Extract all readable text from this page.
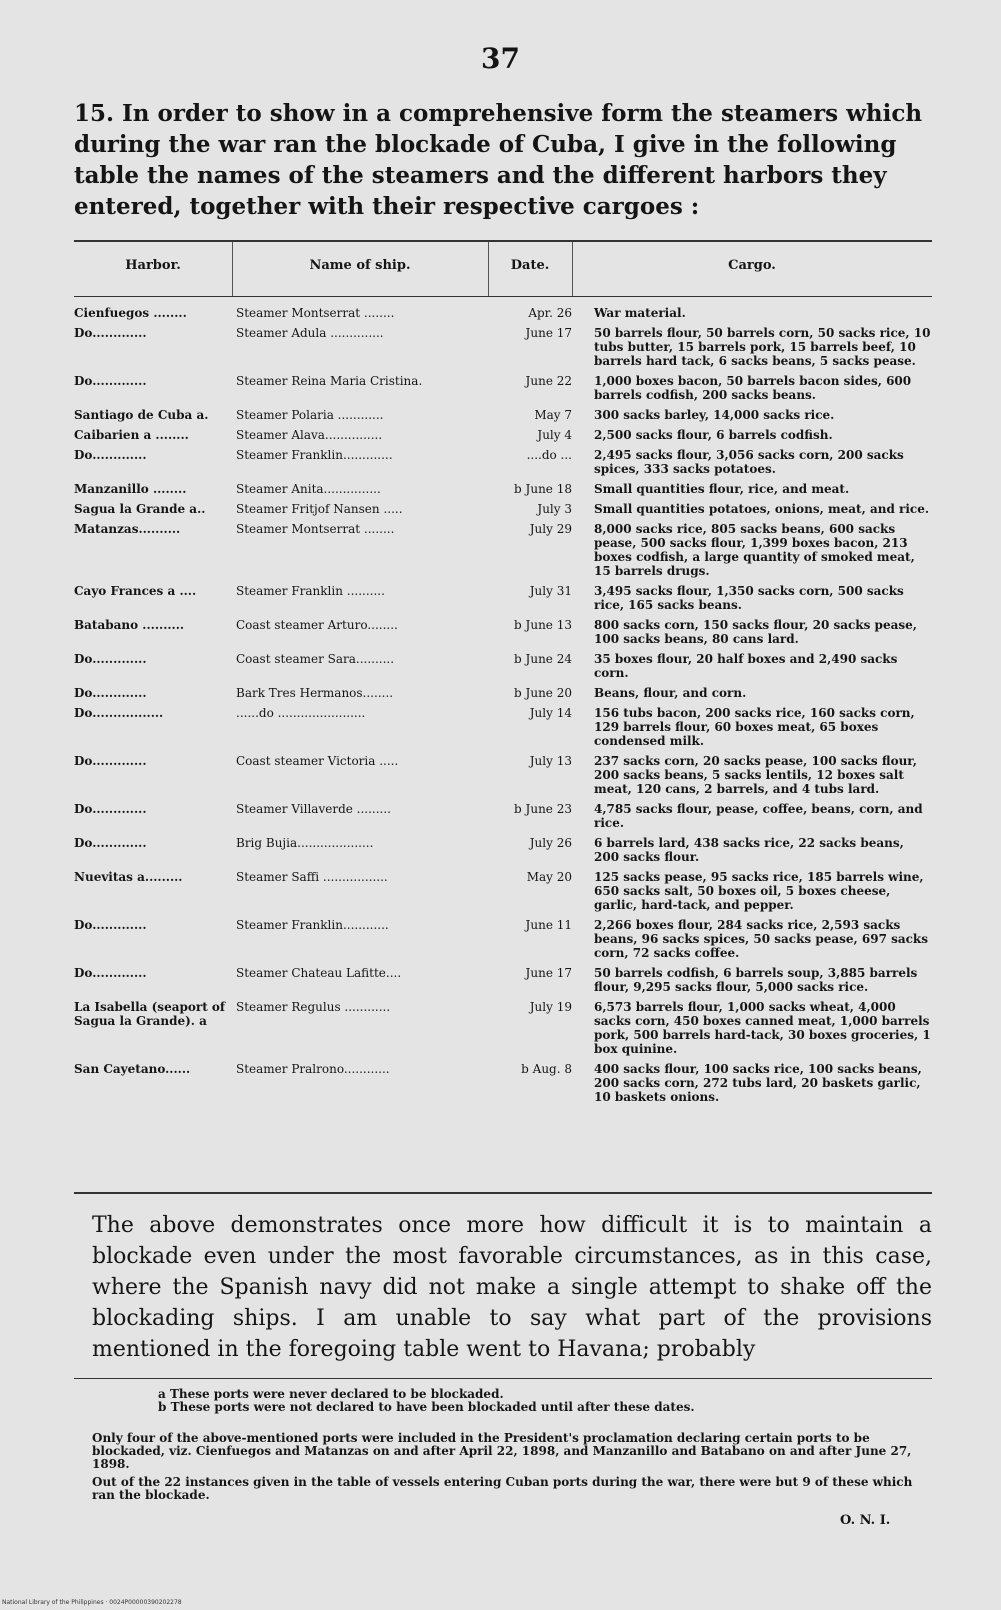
37
15. In order to show in a comprehensive form the steamers which during the war ran the blockade of Cuba, I give in the following table the names of the steamers and the different harbors they entered, together with their respective cargoes :
Harbor.	Name of ship.	Date.	Cargo.
Cienfuegos ........	Steamer Montserrat ........	Apr. 26	War material.
Do.............	Steamer Adula ..............	June 17	50 barrels flour, 50 barrels corn, 50 sacks rice, 10 tubs butter, 15 barrels pork, 15 barrels beef, 10 barrels hard tack, 6 sacks beans, 5 sacks pease.
Do.............	Steamer Reina Maria Cristina.	June 22	1,000 boxes bacon, 50 barrels bacon sides, 600 barrels codfish, 200 sacks beans.
Santiago de Cuba a.	Steamer Polaria ............	May 7	300 sacks barley, 14,000 sacks rice.
Caibarien a ........	Steamer Alava...............	July 4	2,500 sacks flour, 6 barrels codfish.
Do.............	Steamer Franklin.............	....do ...	2,495 sacks flour, 3,056 sacks corn, 200 sacks spices, 333 sacks potatoes.
Manzanillo ........	Steamer Anita...............	b June 18	Small quantities flour, rice, and meat.
Sagua la Grande a..	Steamer Fritjof Nansen .....	July 3	Small quantities potatoes, onions, meat, and rice.
Matanzas..........	Steamer Montserrat ........	July 29	8,000 sacks rice, 805 sacks beans, 600 sacks pease, 500 sacks flour, 1,399 boxes bacon, 213 boxes codfish, a large quantity of smoked meat, 15 barrels drugs.
Cayo Frances a ....	Steamer Franklin ..........	July 31	3,495 sacks flour, 1,350 sacks corn, 500 sacks rice, 165 sacks beans.
Batabano ..........	Coast steamer Arturo........	b June 13	800 sacks corn, 150 sacks flour, 20 sacks pease, 100 sacks beans, 80 cans lard.
Do.............	Coast steamer Sara..........	b June 24	35 boxes flour, 20 half boxes and 2,490 sacks corn.
Do.............	Bark Tres Hermanos........	b June 20	Beans, flour, and corn.
Do.................	......do .......................	July 14	156 tubs bacon, 200 sacks rice, 160 sacks corn, 129 barrels flour, 60 boxes meat, 65 boxes condensed milk.
Do.............	Coast steamer Victoria .....	July 13	237 sacks corn, 20 sacks pease, 100 sacks flour, 200 sacks beans, 5 sacks lentils, 12 boxes salt meat, 120 cans, 2 barrels, and 4 tubs lard.
Do.............	Steamer Villaverde .........	b June 23	4,785 sacks flour, pease, coffee, beans, corn, and rice.
Do.............	Brig Bujia....................	July 26	6 barrels lard, 438 sacks rice, 22 sacks beans, 200 sacks flour.
Nuevitas a.........	Steamer Saffi .................	May 20	125 sacks pease, 95 sacks rice, 185 barrels wine, 650 sacks salt, 50 boxes oil, 5 boxes cheese, garlic, hard-tack, and pepper.
Do.............	Steamer Franklin............	June 11	2,266 boxes flour, 284 sacks rice, 2,593 sacks beans, 96 sacks spices, 50 sacks pease, 697 sacks corn, 72 sacks coffee.
Do.............	Steamer Chateau Lafitte....	June 17	50 barrels codfish, 6 barrels soup, 3,885 barrels flour, 9,295 sacks flour, 5,000 sacks rice.
La Isabella (seaport of Sagua la Grande). a	Steamer Regulus ............	July 19	6,573 barrels flour, 1,000 sacks wheat, 4,000 sacks corn, 450 boxes canned meat, 1,000 barrels pork, 500 barrels hard-tack, 30 boxes groceries, 1 box quinine.
San Cayetano......	Steamer Pralrono............	b Aug. 8	400 sacks flour, 100 sacks rice, 100 sacks beans, 200 sacks corn, 272 tubs lard, 20 baskets garlic, 10 baskets onions.
The above demonstrates once more how difficult it is to maintain a blockade even under the most favorable circumstances, as in this case, where the Spanish navy did not make a single attempt to shake off the blockading ships. I am unable to say what part of the provisions mentioned in the foregoing table went to Havana; probably
a These ports were never declared to be blockaded.
b These ports were not declared to have been blockaded until after these dates.
Only four of the above-mentioned ports were included in the President's proclamation declaring certain ports to be blockaded, viz. Cienfuegos and Matanzas on and after April 22, 1898, and Manzanillo and Batabano on and after June 27, 1898.
Out of the 22 instances given in the table of vessels entering Cuban ports during the war, there were but 9 of these which ran the blockade.
O. N. I.
National Library of the Philippines · 0024P00000390202278
